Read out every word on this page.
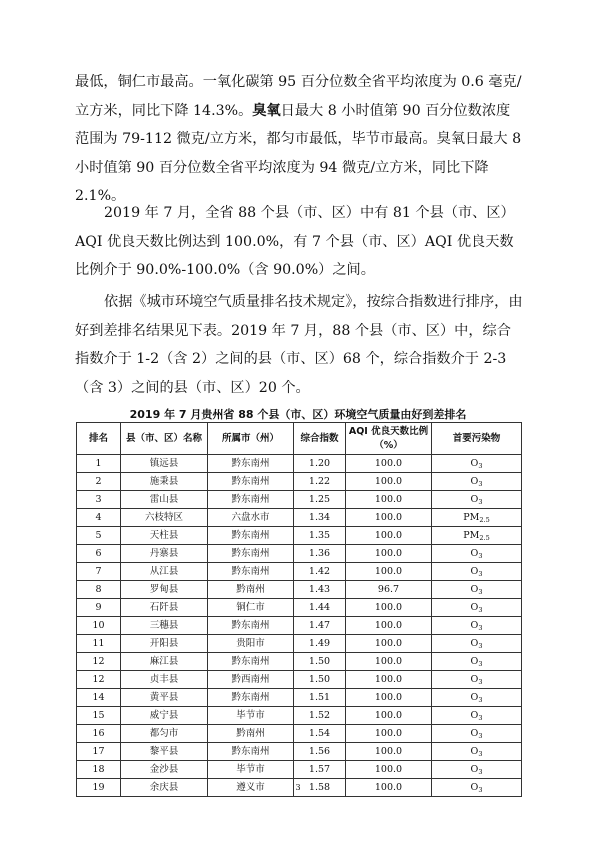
最低，铜仁市最高。一氧化碳第 95 百分位数全省平均浓度为 0.6 毫克/立方米，同比下降 14.3%。臭氧日最大 8 小时值第 90 百分位数浓度范围为 79-112 微克/立方米，都匀市最低，毕节市最高。臭氧日最大 8 小时值第 90 百分位数全省平均浓度为 94 微克/立方米，同比下降 2.1%。

2019 年 7 月，全省 88 个县（市、区）中有 81 个县（市、区）AQI 优良天数比例达到 100.0%，有 7 个县（市、区）AQI 优良天数比例介于 90.0%-100.0%（含 90.0%）之间。

依据《城市环境空气质量排名技术规定》，按综合指数进行排序，由好到差排名结果见下表。2019 年 7 月，88 个县（市、区）中，综合指数介于 1-2（含 2）之间的县（市、区）68 个，综合指数介于 2-3（含 3）之间的县（市、区）20 个。

2019 年 7 月贵州省 88 个县（市、区）环境空气质量由好到差排名
排名	县（市、区）名称	所属市（州）	综合指数	AQI 优良天数比例（%）	首要污染物
1	镇远县	黔东南州	1.20	100.0	$O_3$
2	施秉县	黔东南州	1.22	100.0	$O_3$
3	雷山县	黔东南州	1.25	100.0	$O_3$
4	六枝特区	六盘水市	1.34	100.0	$PM_{2.5}$
5	天柱县	黔东南州	1.35	100.0	$PM_{2.5}$
6	丹寨县	黔东南州	1.36	100.0	$O_3$
7	从江县	黔东南州	1.42	100.0	$O_3$
8	罗甸县	黔南州	1.43	96.7	$O_3$
9	石阡县	铜仁市	1.44	100.0	$O_3$
10	三穗县	黔东南州	1.47	100.0	$O_3$
11	开阳县	贵阳市	1.49	100.0	$O_3$
12	麻江县	黔东南州	1.50	100.0	$O_3$
12	贞丰县	黔西南州	1.50	100.0	$O_3$
14	黄平县	黔东南州	1.51	100.0	$O_3$
15	威宁县	毕节市	1.52	100.0	$O_3$
16	都匀市	黔南州	1.54	100.0	$O_3$
17	黎平县	黔东南州	1.56	100.0	$O_3$
18	金沙县	毕节市	1.57	100.0	$O_3$
19	余庆县	遵义市	1.58	100.0	$O_3$
3
